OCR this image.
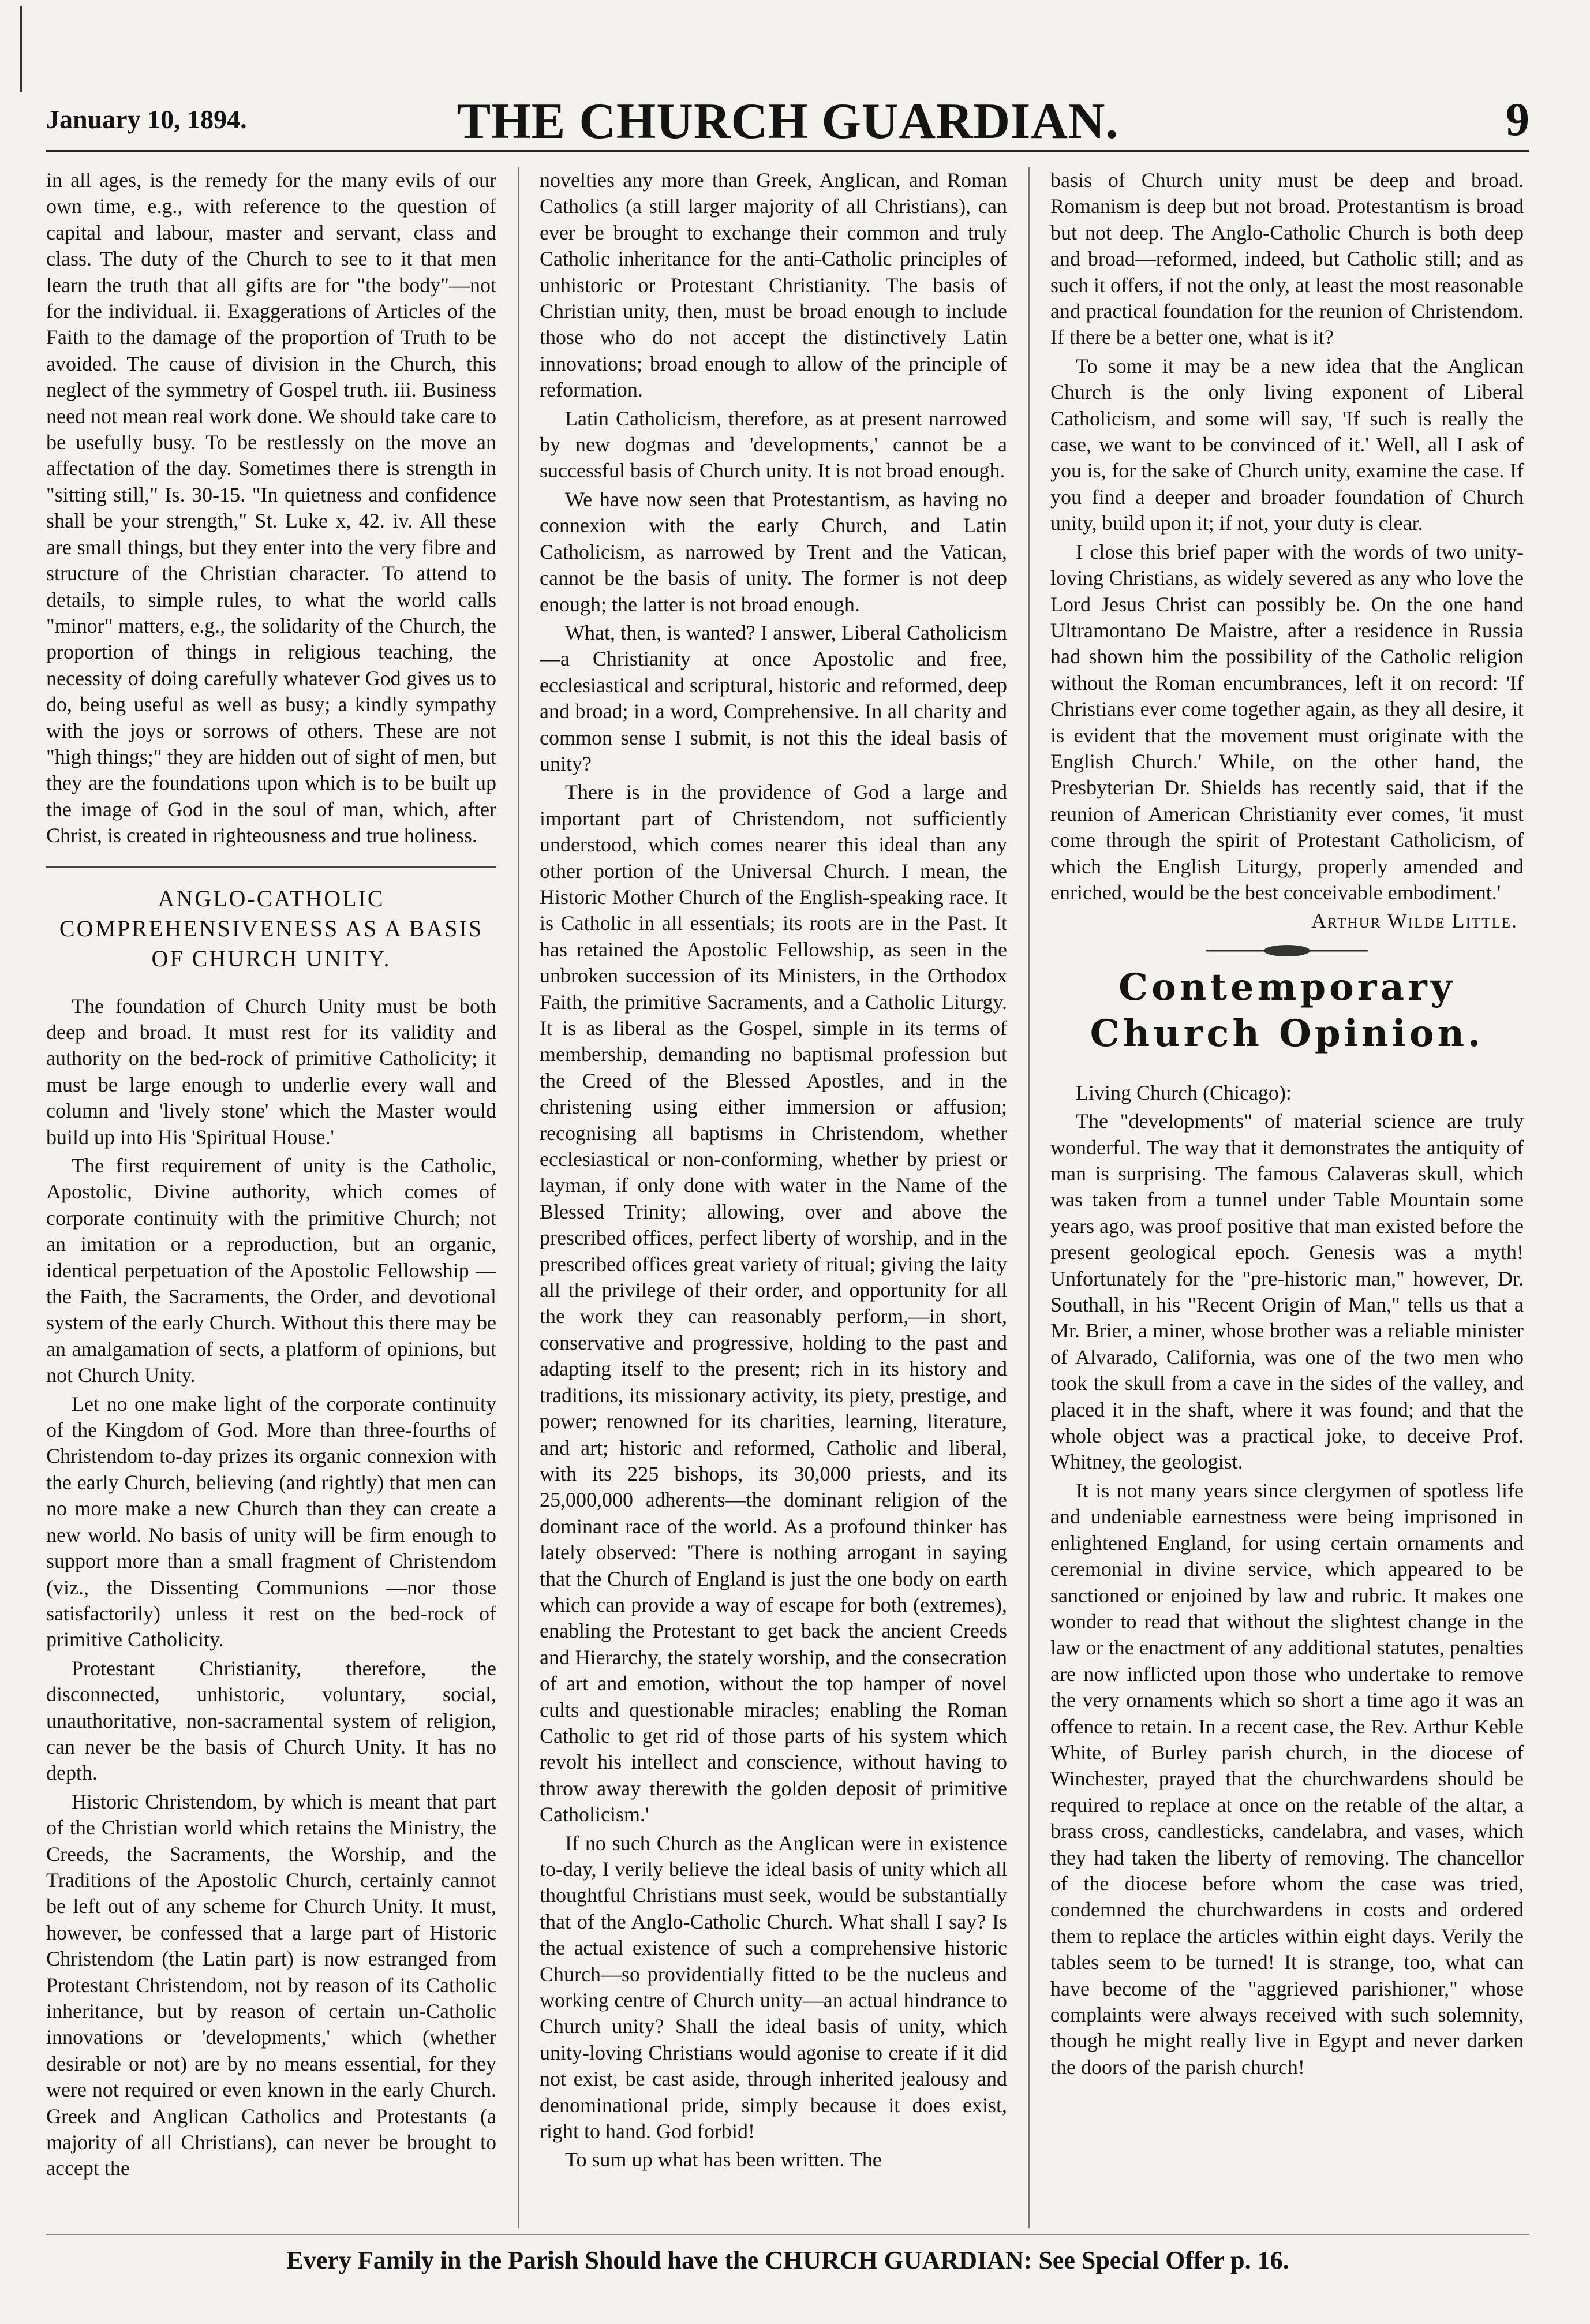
January 10, 1894.	THE CHURCH GUARDIAN.	9

in all ages, is the remedy for the many evils of our own time, e.g., with reference to the question of capital and labour, master and servant, class and class. The duty of the Church to see to it that men learn the truth that all gifts are for "the body"—not for the individual. ii. Exaggerations of Articles of the Faith to the damage of the proportion of Truth to be avoided. The cause of division in the Church, this neglect of the symmetry of Gospel truth. iii. Business need not mean real work done. We should take care to be usefully busy. To be restlessly on the move an affectation of the day. Sometimes there is strength in "sitting still," Is. 30-15. "In quietness and confidence shall be your strength," St. Luke x, 42. iv. All these are small things, but they enter into the very fibre and structure of the Christian character. To attend to details, to simple rules, to what the world calls "minor" matters, e.g., the solidarity of the Church, the proportion of things in religious teaching, the necessity of doing carefully whatever God gives us to do, being useful as well as busy; a kindly sympathy with the joys or sorrows of others. These are not "high things;" they are hidden out of sight of men, but they are the foundations upon which is to be built up the image of God in the soul of man, which, after Christ, is created in righteousness and true holiness.

ANGLO-CATHOLIC COMPREHENSIVENESS AS A BASIS OF CHURCH UNITY.

The foundation of Church Unity must be both deep and broad. It must rest for its validity and authority on the bed-rock of primitive Catholicity; it must be large enough to underlie every wall and column and 'lively stone' which the Master would build up into His 'Spiritual House.'

The first requirement of unity is the Catholic, Apostolic, Divine authority, which comes of corporate continuity with the primitive Church; not an imitation or a reproduction, but an organic, identical perpetuation of the Apostolic Fellowship —the Faith, the Sacraments, the Order, and devotional system of the early Church. Without this there may be an amalgamation of sects, a platform of opinions, but not Church Unity.

Let no one make light of the corporate continuity of the Kingdom of God. More than three-fourths of Christendom to-day prizes its organic connexion with the early Church, believing (and rightly) that men can no more make a new Church than they can create a new world. No basis of unity will be firm enough to support more than a small fragment of Christendom (viz., the Dissenting Communions —nor those satisfactorily) unless it rest on the bed-rock of primitive Catholicity.

Protestant Christianity, therefore, the disconnected, unhistoric, voluntary, social, unauthoritative, non-sacramental system of religion, can never be the basis of Church Unity. It has no depth.

Historic Christendom, by which is meant that part of the Christian world which retains the Ministry, the Creeds, the Sacraments, the Worship, and the Traditions of the Apostolic Church, certainly cannot be left out of any scheme for Church Unity. It must, however, be confessed that a large part of Historic Christendom (the Latin part) is now estranged from Protestant Christendom, not by reason of its Catholic inheritance, but by reason of certain un-Catholic innovations or 'developments,' which (whether desirable or not) are by no means essential, for they were not required or even known in the early Church. Greek and Anglican Catholics and Protestants (a majority of all Christians), can never be brought to accept the

novelties any more than Greek, Anglican, and Roman Catholics (a still larger majority of all Christians), can ever be brought to exchange their common and truly Catholic inheritance for the anti-Catholic principles of unhistoric or Protestant Christianity. The basis of Christian unity, then, must be broad enough to include those who do not accept the distinctively Latin innovations; broad enough to allow of the principle of reformation.

Latin Catholicism, therefore, as at present narrowed by new dogmas and 'developments,' cannot be a successful basis of Church unity. It is not broad enough.

We have now seen that Protestantism, as having no connexion with the early Church, and Latin Catholicism, as narrowed by Trent and the Vatican, cannot be the basis of unity. The former is not deep enough; the latter is not broad enough.

What, then, is wanted? I answer, Liberal Catholicism—a Christianity at once Apostolic and free, ecclesiastical and scriptural, historic and reformed, deep and broad; in a word, Comprehensive. In all charity and common sense I submit, is not this the ideal basis of unity?

There is in the providence of God a large and important part of Christendom, not sufficiently understood, which comes nearer this ideal than any other portion of the Universal Church. I mean, the Historic Mother Church of the English-speaking race. It is Catholic in all essentials; its roots are in the Past. It has retained the Apostolic Fellowship, as seen in the unbroken succession of its Ministers, in the Orthodox Faith, the primitive Sacraments, and a Catholic Liturgy. It is as liberal as the Gospel, simple in its terms of membership, demanding no baptismal profession but the Creed of the Blessed Apostles, and in the christening using either immersion or affusion; recognising all baptisms in Christendom, whether ecclesiastical or non-conforming, whether by priest or layman, if only done with water in the Name of the Blessed Trinity; allowing, over and above the prescribed offices, perfect liberty of worship, and in the prescribed offices great variety of ritual; giving the laity all the privilege of their order, and opportunity for all the work they can reasonably perform,—in short, conservative and progressive, holding to the past and adapting itself to the present; rich in its history and traditions, its missionary activity, its piety, prestige, and power; renowned for its charities, learning, literature, and art; historic and reformed, Catholic and liberal, with its 225 bishops, its 30,000 priests, and its 25,000,000 adherents—the dominant religion of the dominant race of the world. As a profound thinker has lately observed: 'There is nothing arrogant in saying that the Church of England is just the one body on earth which can provide a way of escape for both (extremes), enabling the Protestant to get back the ancient Creeds and Hierarchy, the stately worship, and the consecration of art and emotion, without the top hamper of novel cults and questionable miracles; enabling the Roman Catholic to get rid of those parts of his system which revolt his intellect and conscience, without having to throw away therewith the golden deposit of primitive Catholicism.'

If no such Church as the Anglican were in existence to-day, I verily believe the ideal basis of unity which all thoughtful Christians must seek, would be substantially that of the Anglo-Catholic Church. What shall I say? Is the actual existence of such a comprehensive historic Church—so providentially fitted to be the nucleus and working centre of Church unity—an actual hindrance to Church unity? Shall the ideal basis of unity, which unity-loving Christians would agonise to create if it did not exist, be cast aside, through inherited jealousy and denominational pride, simply because it does exist, right to hand. God forbid!

To sum up what has been written. The

basis of Church unity must be deep and broad. Romanism is deep but not broad. Protestantism is broad but not deep. The Anglo-Catholic Church is both deep and broad—reformed, indeed, but Catholic still; and as such it offers, if not the only, at least the most reasonable and practical foundation for the reunion of Christendom. If there be a better one, what is it?

To some it may be a new idea that the Anglican Church is the only living exponent of Liberal Catholicism, and some will say, 'If such is really the case, we want to be convinced of it.' Well, all I ask of you is, for the sake of Church unity, examine the case. If you find a deeper and broader foundation of Church unity, build upon it; if not, your duty is clear.

I close this brief paper with the words of two unity-loving Christians, as widely severed as any who love the Lord Jesus Christ can possibly be. On the one hand Ultramontano De Maistre, after a residence in Russia had shown him the possibility of the Catholic religion without the Roman encumbrances, left it on record: 'If Christians ever come together again, as they all desire, it is evident that the movement must originate with the English Church.' While, on the other hand, the Presbyterian Dr. Shields has recently said, that if the reunion of American Christianity ever comes, 'it must come through the spirit of Protestant Catholicism, of which the English Liturgy, properly amended and enriched, would be the best conceivable embodiment.'

Arthur Wilde Little.
Contemporary Church Opinion.

Living Church (Chicago):

The "developments" of material science are truly wonderful. The way that it demonstrates the antiquity of man is surprising. The famous Calaveras skull, which was taken from a tunnel under Table Mountain some years ago, was proof positive that man existed before the present geological epoch. Genesis was a myth! Unfortunately for the "pre-historic man," however, Dr. Southall, in his "Recent Origin of Man," tells us that a Mr. Brier, a miner, whose brother was a reliable minister of Alvarado, California, was one of the two men who took the skull from a cave in the sides of the valley, and placed it in the shaft, where it was found; and that the whole object was a practical joke, to deceive Prof. Whitney, the geologist.

It is not many years since clergymen of spotless life and undeniable earnestness were being imprisoned in enlightened England, for using certain ornaments and ceremonial in divine service, which appeared to be sanctioned or enjoined by law and rubric. It makes one wonder to read that without the slightest change in the law or the enactment of any additional statutes, penalties are now inflicted upon those who undertake to remove the very ornaments which so short a time ago it was an offence to retain. In a recent case, the Rev. Arthur Keble White, of Burley parish church, in the diocese of Winchester, prayed that the churchwardens should be required to replace at once on the retable of the altar, a brass cross, candlesticks, candelabra, and vases, which they had taken the liberty of removing. The chancellor of the diocese before whom the case was tried, condemned the churchwardens in costs and ordered them to replace the articles within eight days. Verily the tables seem to be turned! It is strange, too, what can have become of the "aggrieved parishioner," whose complaints were always received with such solemnity, though he might really live in Egypt and never darken the doors of the parish church!

Every Family in the Parish Should have the CHURCH GUARDIAN: See Special Offer p. 16.
